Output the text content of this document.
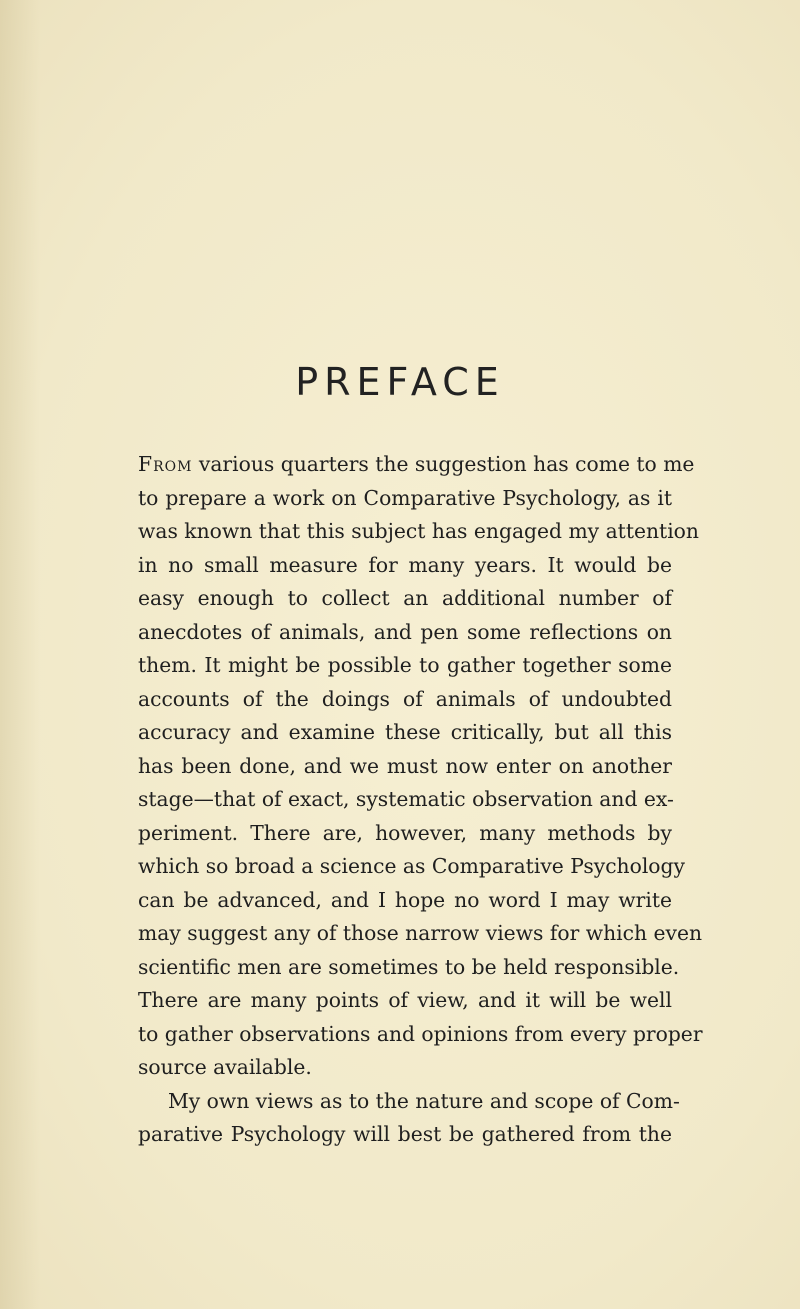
PREFACE
From various quarters the suggestion has come to me
to prepare a work on Comparative Psychology, as it
was known that this subject has engaged my attention
in no small measure for many years. It would be
easy enough to collect an additional number of
anecdotes of animals, and pen some reflections on
them. It might be possible to gather together some
accounts of the doings of animals of undoubted
accuracy and examine these critically, but all this
has been done, and we must now enter on another
stage—that of exact, systematic observation and ex-
periment. There are, however, many methods by
which so broad a science as Comparative Psychology
can be advanced, and I hope no word I may write
may suggest any of those narrow views for which even
scientific men are sometimes to be held responsible.
There are many points of view, and it will be well
to gather observations and opinions from every proper
source available.
My own views as to the nature and scope of Com-
parative Psychology will best be gathered from the
